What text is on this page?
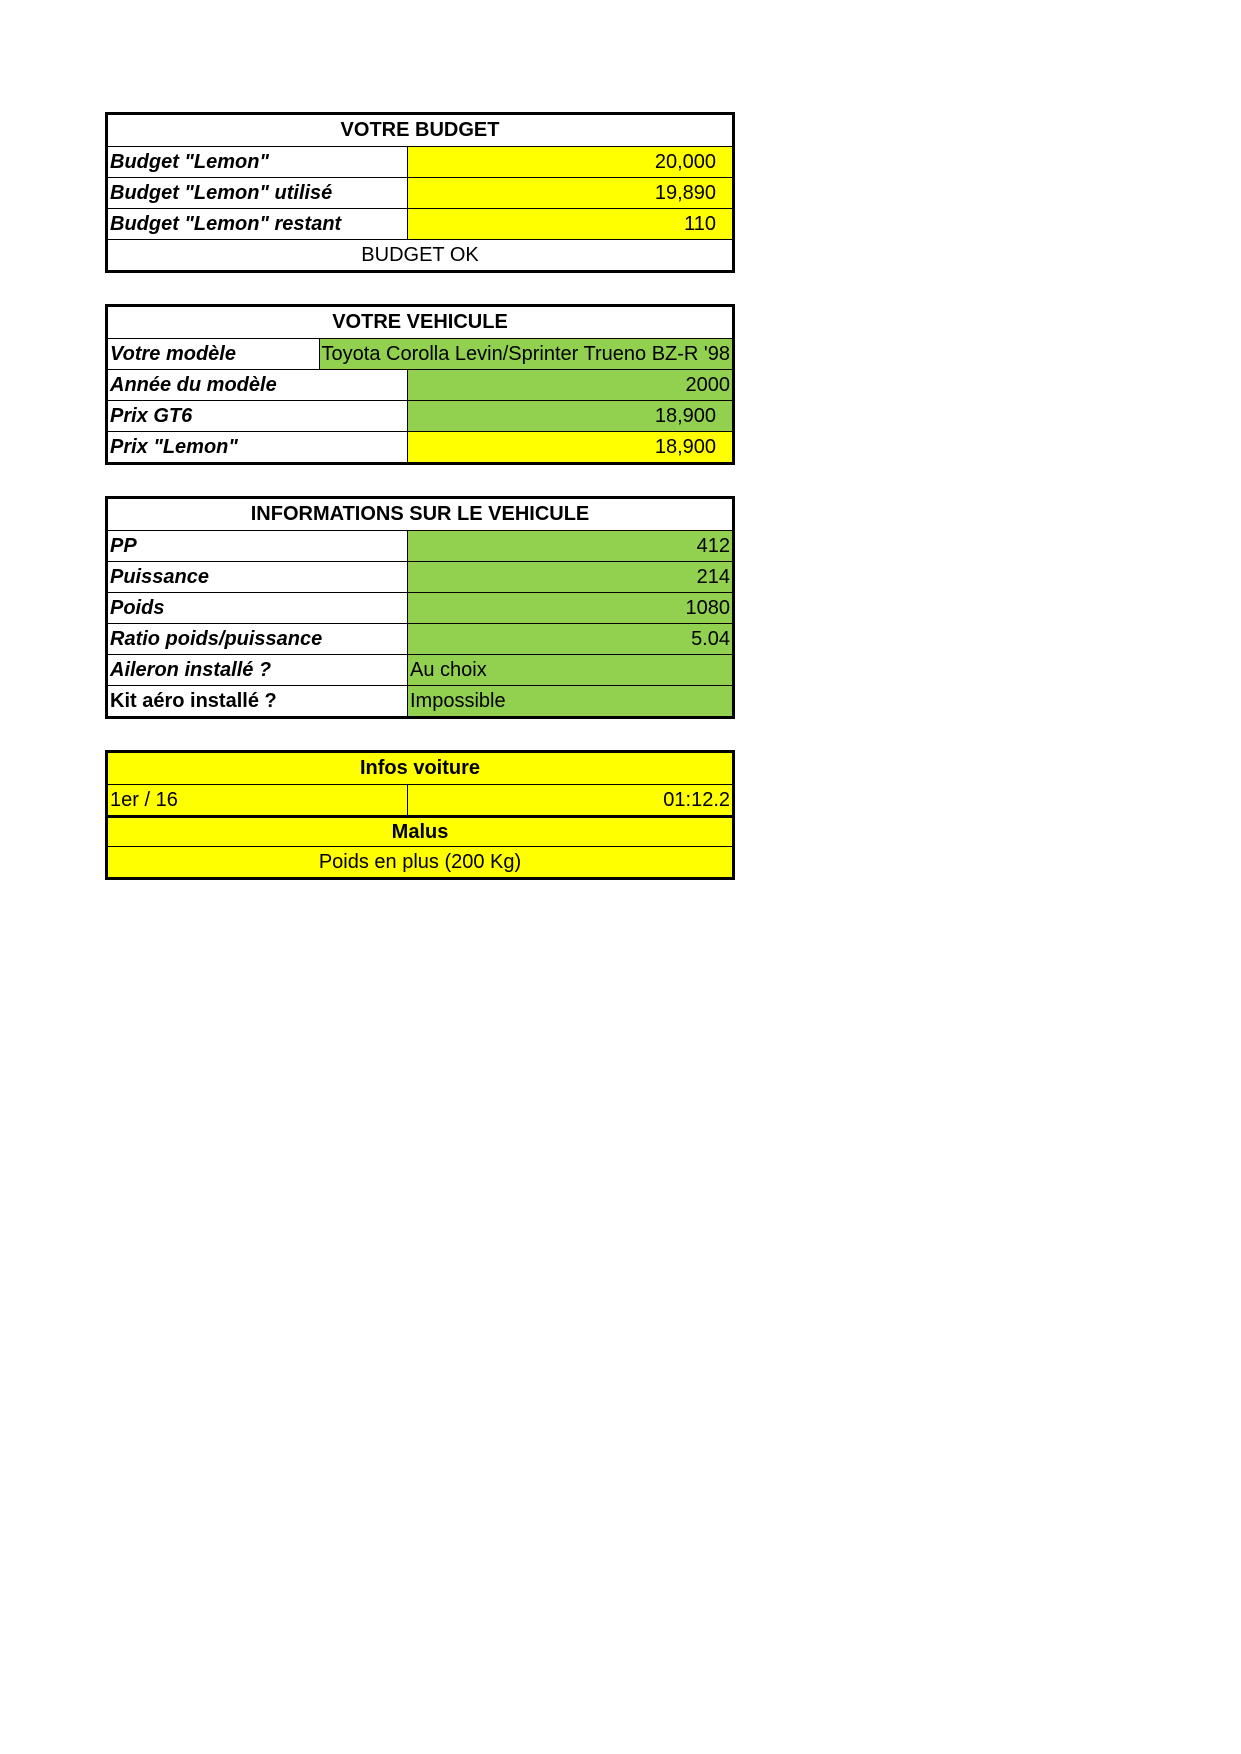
VOTRE BUDGET
Budget "Lemon"	20,000
Budget "Lemon" utilisé	19,890
Budget "Lemon" restant	110
BUDGET OK
VOTRE VEHICULE
Votre modèle	Toyota Corolla Levin/Sprinter Trueno BZ-R '98
Année du modèle	2000
Prix GT6	18,900
Prix "Lemon"	18,900
INFORMATIONS SUR LE VEHICULE
PP	412
Puissance	214
Poids	1080
Ratio poids/puissance	5.04
Aileron installé ?	Au choix
Kit aéro installé ?	Impossible
Infos voiture
1er / 16	01:12.2
Malus
Poids en plus (200 Kg)
